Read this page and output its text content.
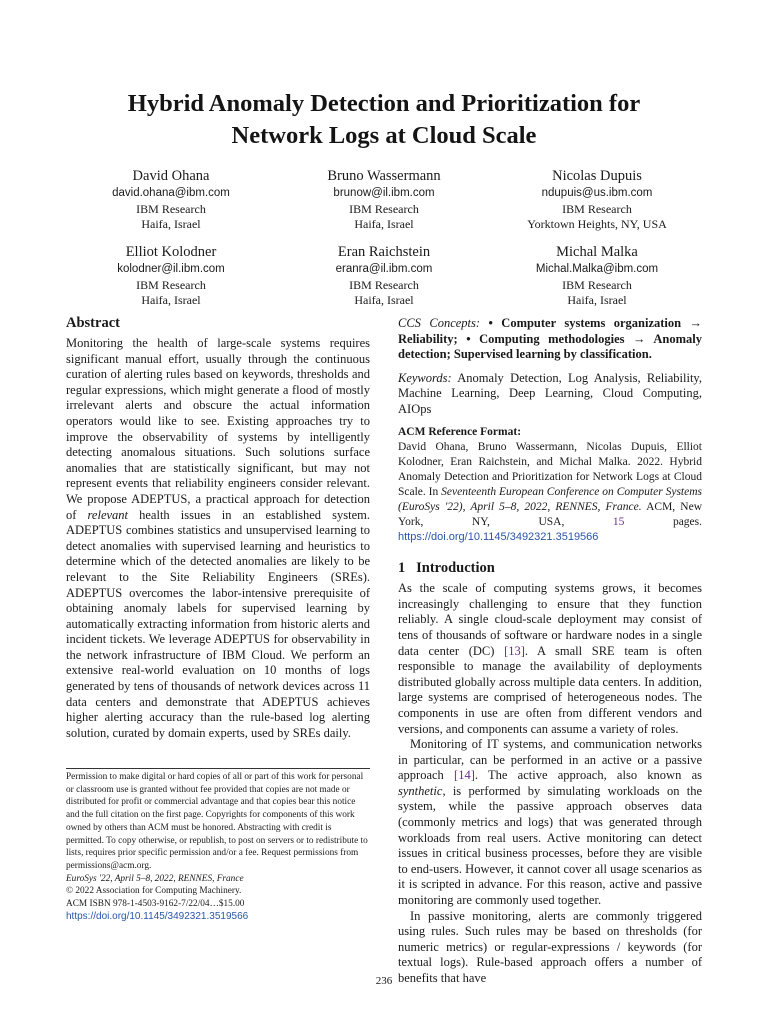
Hybrid Anomaly Detection and Prioritization for
Network Logs at Cloud Scale
David Ohana
david.ohana@ibm.com
IBM Research
Haifa, Israel
Bruno Wassermann
brunow@il.ibm.com
IBM Research
Haifa, Israel
Nicolas Dupuis
ndupuis@us.ibm.com
IBM Research
Yorktown Heights, NY, USA
Elliot Kolodner
kolodner@il.ibm.com
IBM Research
Haifa, Israel
Eran Raichstein
eranra@il.ibm.com
IBM Research
Haifa, Israel
Michal Malka
Michal.Malka@ibm.com
IBM Research
Haifa, Israel
Abstract

Monitoring the health of large-scale systems requires significant manual effort, usually through the continuous curation of alerting rules based on keywords, thresholds and regular expressions, which might generate a flood of mostly irrelevant alerts and obscure the actual information operators would like to see. Existing approaches try to improve the observability of systems by intelligently detecting anomalous situations. Such solutions surface anomalies that are statistically significant, but may not represent events that reliability engineers consider relevant. We propose ADEPTUS, a practical approach for detection of relevant health issues in an established system. ADEPTUS combines statistics and unsupervised learning to detect anomalies with supervised learning and heuristics to determine which of the detected anomalies are likely to be relevant to the Site Reliability Engineers (SREs). ADEPTUS overcomes the labor-intensive prerequisite of obtaining anomaly labels for supervised learning by automatically extracting information from historic alerts and incident tickets. We leverage ADEPTUS for observability in the network infrastructure of IBM Cloud. We perform an extensive real-world evaluation on 10 months of logs generated by tens of thousands of network devices across 11 data centers and demonstrate that ADEPTUS achieves higher alerting accuracy than the rule-based log alerting solution, curated by domain experts, used by SREs daily.

Permission to make digital or hard copies of all or part of this work for personal or classroom use is granted without fee provided that copies are not made or distributed for profit or commercial advantage and that copies bear this notice and the full citation on the first page. Copyrights for components of this work owned by others than ACM must be honored. Abstracting with credit is permitted. To copy otherwise, or republish, to post on servers or to redistribute to lists, requires prior specific permission and/or a fee. Request permissions from permissions@acm.org.

EuroSys '22, April 5–8, 2022, RENNES, France

© 2022 Association for Computing Machinery.

ACM ISBN 978-1-4503-9162-7/22/04…$15.00

https://doi.org/10.1145/3492321.3519566

CCS Concepts: • Computer systems organization → Reliability; • Computing methodologies → Anomaly detection; Supervised learning by classification.

Keywords: Anomaly Detection, Log Analysis, Reliability, Machine Learning, Deep Learning, Cloud Computing, AIOps

ACM Reference Format:

David Ohana, Bruno Wassermann, Nicolas Dupuis, Elliot Kolodner, Eran Raichstein, and Michal Malka. 2022. Hybrid Anomaly Detection and Prioritization for Network Logs at Cloud Scale. In Seventeenth European Conference on Computer Systems (EuroSys '22), April 5–8, 2022, RENNES, France. ACM, New York, NY, USA, 15 pages. https://doi.org/10.1145/3492321.3519566

1 Introduction

As the scale of computing systems grows, it becomes increasingly challenging to ensure that they function reliably. A single cloud-scale deployment may consist of tens of thousands of software or hardware nodes in a single data center (DC) [13]. A small SRE team is often responsible to manage the availability of deployments distributed globally across multiple data centers. In addition, large systems are comprised of heterogeneous nodes. The components in use are often from different vendors and versions, and components can assume a variety of roles.

Monitoring of IT systems, and communication networks in particular, can be performed in an active or a passive approach [14]. The active approach, also known as synthetic, is performed by simulating workloads on the system, while the passive approach observes data (commonly metrics and logs) that was generated through workloads from real users. Active monitoring can detect issues in critical business processes, before they are visible to end-users. However, it cannot cover all usage scenarios as it is scripted in advance. For this reason, active and passive monitoring are commonly used together.

In passive monitoring, alerts are commonly triggered using rules. Such rules may be based on thresholds (for numeric metrics) or regular-expressions / keywords (for textual logs). Rule-based approach offers a number of benefits that have

236
